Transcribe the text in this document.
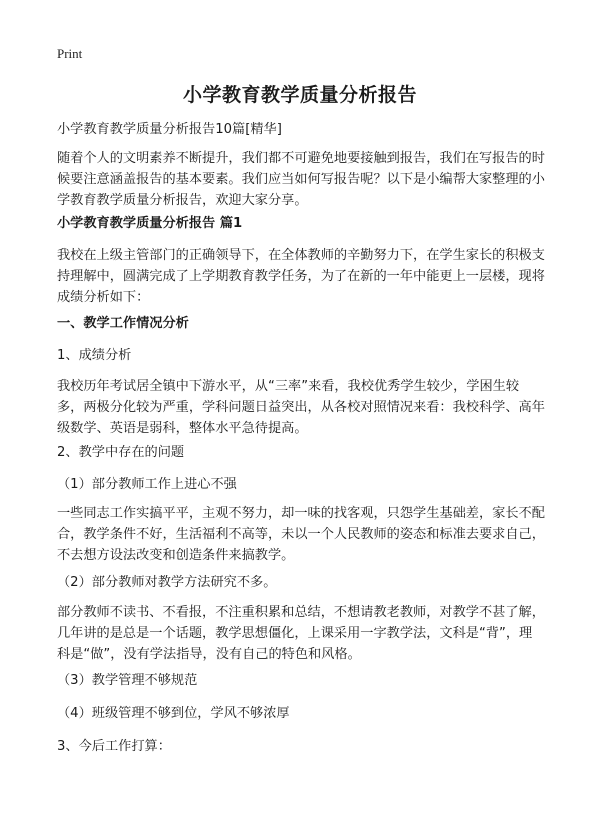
Print
小学教育教学质量分析报告

小学教育教学质量分析报告10篇[精华]

随着个人的文明素养不断提升，我们都不可避免地要接触到报告，我们在写报告的时候要注意涵盖报告的基本要素。我们应当如何写报告呢？以下是小编帮大家整理的小学教育教学质量分析报告，欢迎大家分享。

小学教育教学质量分析报告 篇1

我校在上级主管部门的正确领导下，在全体教师的辛勤努力下，在学生家长的积极支持理解中，圆满完成了上学期教育教学任务，为了在新的一年中能更上一层楼，现将成绩分析如下：

一、教学工作情况分析

1、成绩分析

我校历年考试居全镇中下游水平，从“三率”来看，我校优秀学生较少，学困生较多，两极分化较为严重，学科问题日益突出，从各校对照情况来看：我校科学、高年级数学、英语是弱科，整体水平急待提高。

2、教学中存在的问题

（1）部分教师工作上进心不强

一些同志工作实搞平平，主观不努力，却一味的找客观，只怨学生基础差，家长不配合，教学条件不好，生活福利不高等，未以一个人民教师的姿态和标准去要求自己，不去想方设法改变和创造条件来搞教学。

（2）部分教师对教学方法研究不多。

部分教师不读书、不看报，不注重积累和总结，不想请教老教师，对教学不甚了解，几年讲的是总是一个话题，教学思想僵化，上课采用一字教学法，文科是“背”，理科是“做”，没有学法指导，没有自己的特色和风格。

（3）教学管理不够规范

（4）班级管理不够到位，学风不够浓厚

3、今后工作打算：
